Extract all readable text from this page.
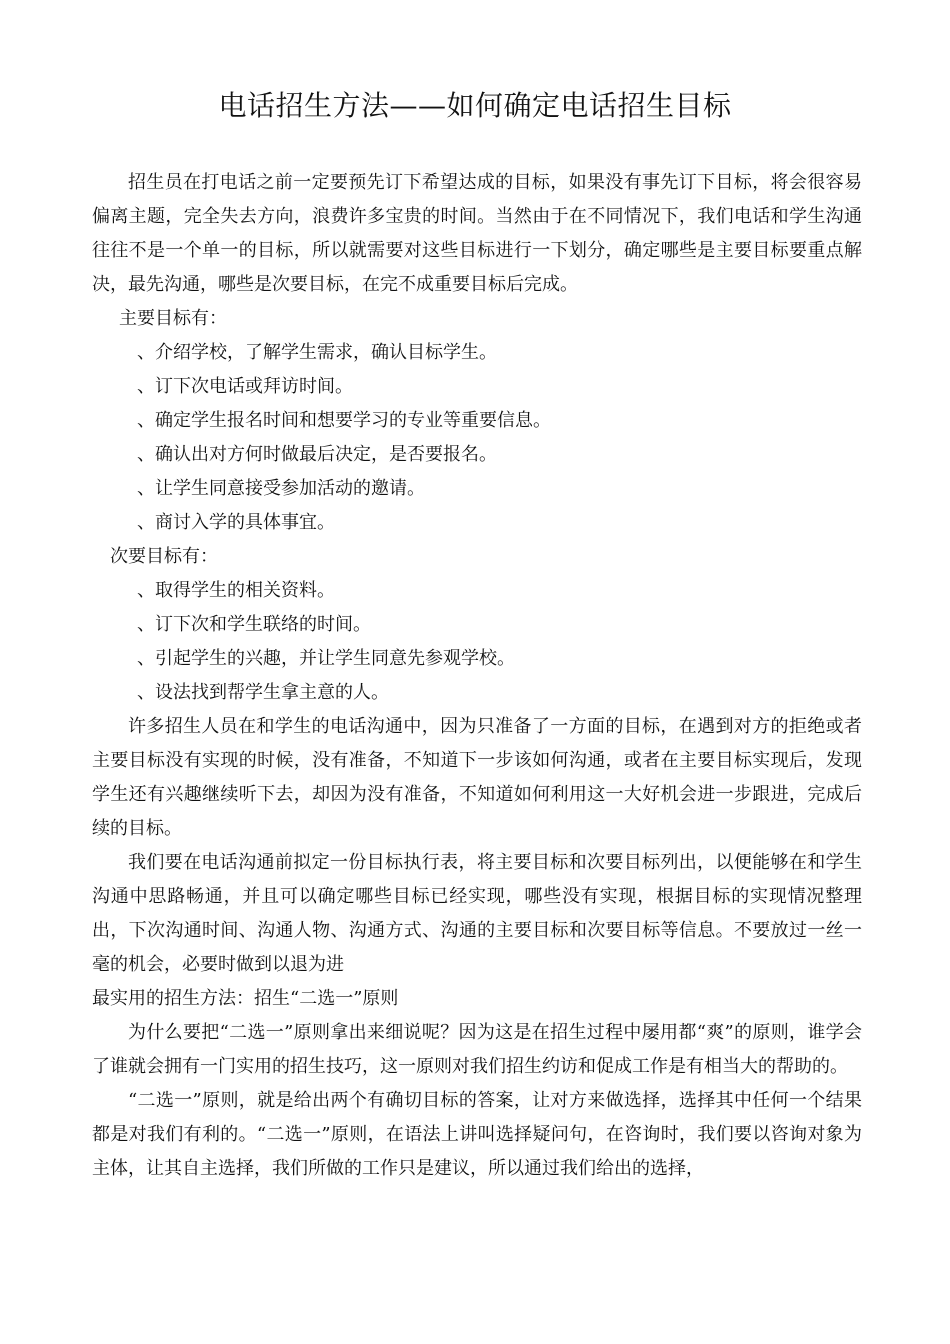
电话招生方法——如何确定电话招生目标

招生员在打电话之前一定要预先订下希望达成的目标，如果没有事先订下目标，将会很容易偏离主题，完全失去方向，浪费许多宝贵的时间。当然由于在不同情况下，我们电话和学生沟通往往不是一个单一的目标，所以就需要对这些目标进行一下划分，确定哪些是主要目标要重点解决，最先沟通，哪些是次要目标，在完不成重要目标后完成。

主要目标有：

、介绍学校，了解学生需求，确认目标学生。

、订下次电话或拜访时间。

、确定学生报名时间和想要学习的专业等重要信息。

、确认出对方何时做最后决定，是否要报名。

、让学生同意接受参加活动的邀请。

、商讨入学的具体事宜。

次要目标有：

、取得学生的相关资料。

、订下次和学生联络的时间。

、引起学生的兴趣，并让学生同意先参观学校。

、设法找到帮学生拿主意的人。

许多招生人员在和学生的电话沟通中，因为只准备了一方面的目标，在遇到对方的拒绝或者主要目标没有实现的时候，没有准备，不知道下一步该如何沟通，或者在主要目标实现后，发现学生还有兴趣继续听下去，却因为没有准备，不知道如何利用这一大好机会进一步跟进，完成后续的目标。

我们要在电话沟通前拟定一份目标执行表，将主要目标和次要目标列出，以便能够在和学生沟通中思路畅通，并且可以确定哪些目标已经实现，哪些没有实现，根据目标的实现情况整理出，下次沟通时间、沟通人物、沟通方式、沟通的主要目标和次要目标等信息。不要放过一丝一毫的机会，必要时做到以退为进

最实用的招生方法：招生“二选一”原则

为什么要把“二选一”原则拿出来细说呢？因为这是在招生过程中屡用都“爽”的原则，谁学会了谁就会拥有一门实用的招生技巧，这一原则对我们招生约访和促成工作是有相当大的帮助的。

“二选一”原则，就是给出两个有确切目标的答案，让对方来做选择，选择其中任何一个结果都是对我们有利的。“二选一”原则，在语法上讲叫选择疑问句，在咨询时，我们要以咨询对象为主体，让其自主选择，我们所做的工作只是建议，所以通过我们给出的选择，
